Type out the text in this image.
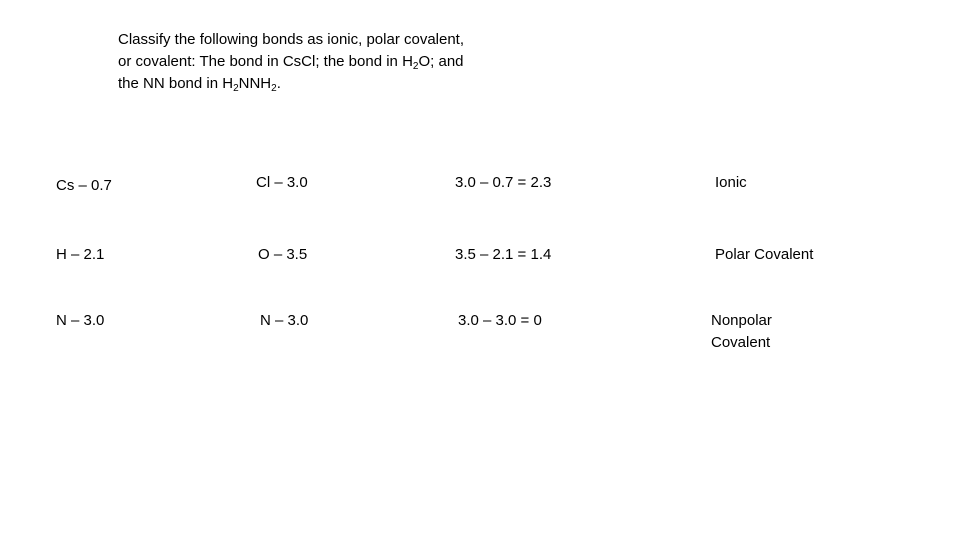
Classify the following bonds as ionic, polar covalent,
or covalent: The bond in CsCl; the bond in $H_2O$; and
the NN bond in $H_2NNH_2$.
Cs – 0.7	Cl – 3.0	3.0 – 0.7 = 2.3	Ionic
H – 2.1	O – 3.5	3.5 – 2.1 = 1.4	Polar Covalent
N – 3.0	N – 3.0	3.0 – 3.0 = 0	Nonpolar Covalent
